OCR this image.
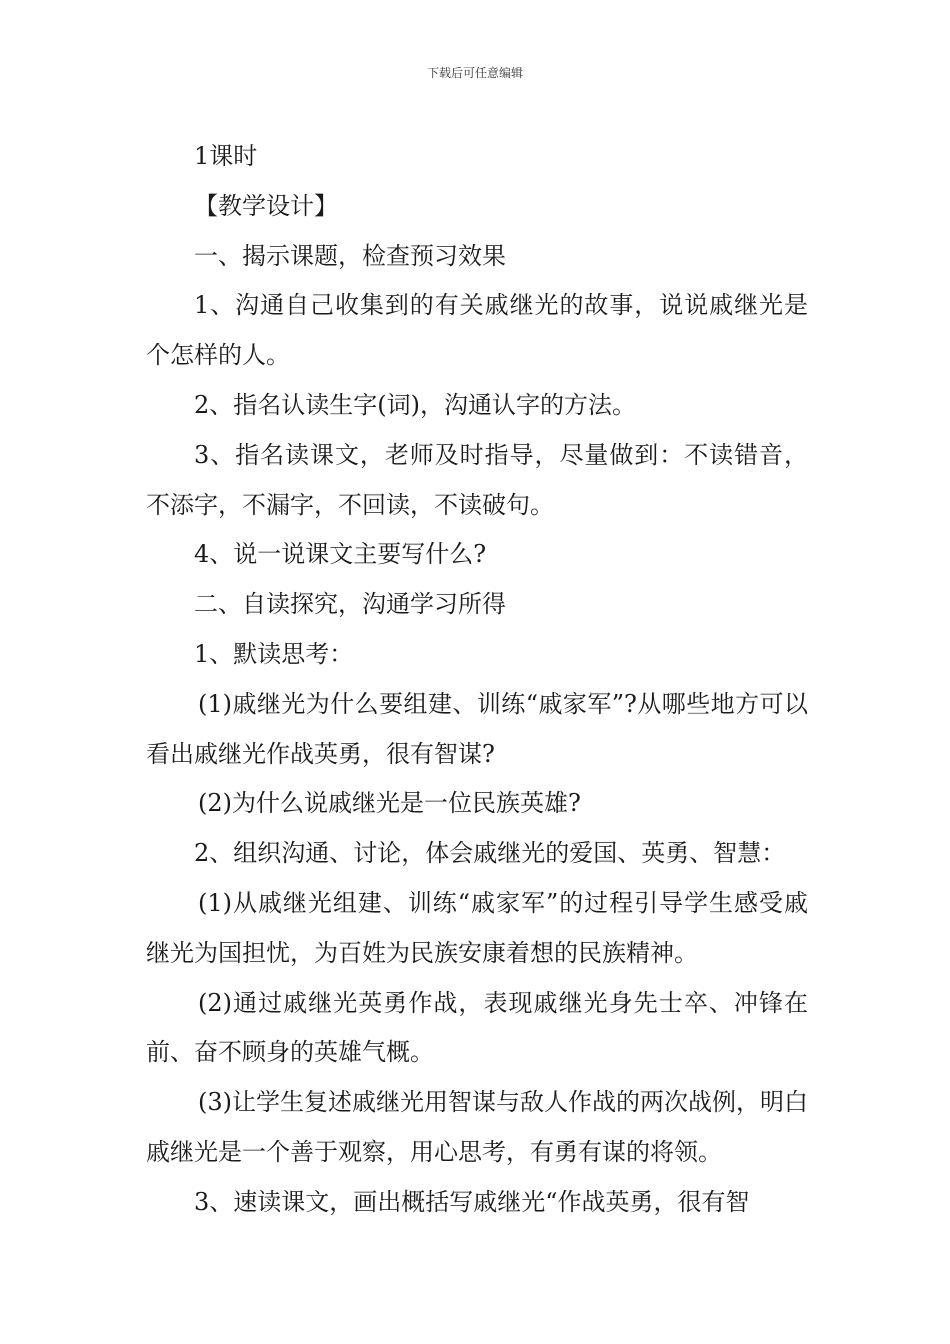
下载后可任意编辑

1课时

【教学设计】

一、揭示课题，检查预习效果

1、沟通自己收集到的有关戚继光的故事，说说戚继光是个怎样的人。

2、指名认读生字(词)，沟通认字的方法。

3、指名读课文，老师及时指导，尽量做到：不读错音，不添字，不漏字，不回读，不读破句。

4、说一说课文主要写什么?

二、自读探究，沟通学习所得

1、默读思考：

(1)戚继光为什么要组建、训练“戚家军”?从哪些地方可以看出戚继光作战英勇，很有智谋?

(2)为什么说戚继光是一位民族英雄?

2、组织沟通、讨论，体会戚继光的爱国、英勇、智慧：

(1)从戚继光组建、训练“戚家军”的过程引导学生感受戚继光为国担忧，为百姓为民族安康着想的民族精神。

(2)通过戚继光英勇作战，表现戚继光身先士卒、冲锋在前、奋不顾身的英雄气概。

(3)让学生复述戚继光用智谋与敌人作战的两次战例，明白戚继光是一个善于观察，用心思考，有勇有谋的将领。

3、速读课文，画出概括写戚继光“作战英勇，很有智
